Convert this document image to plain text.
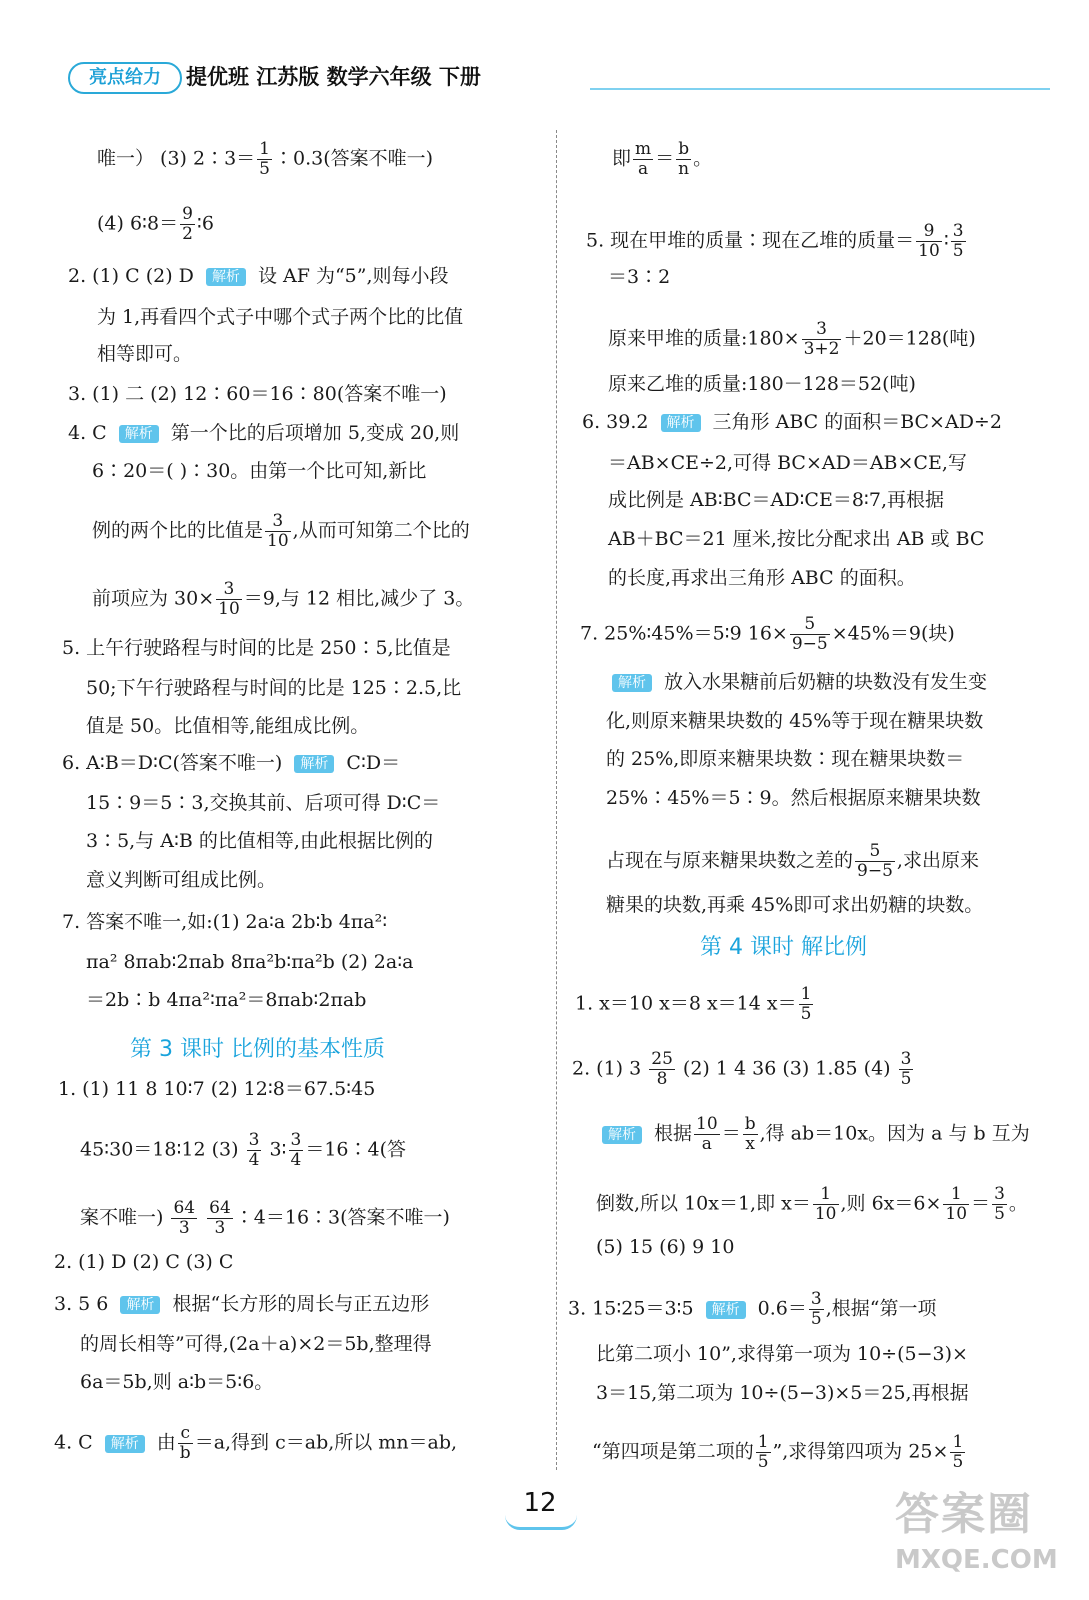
亮点给力	提优班 江苏版 数学六年级 下册
唯一） (3) 2∶3＝ $\frac{1}{5}$ ∶0.3(答案不唯一)
(4) 6∶8＝ $\frac{9}{2}$ ∶6
2. (1) C (2) D 解析 设 AF 为“5”,则每小段
为 1,再看四个式子中哪个式子两个比的比值
相等即可。
3. (1) 二 (2) 12∶60＝16∶80(答案不唯一)
4. C 解析 第一个比的后项增加 5,变成 20,则
6∶20＝( )∶30。由第一个比可知,新比
例的两个比的比值是 $\frac{3}{10}$ ,从而可知第二个比的
前项应为 $30\times \frac{3}{10} =9$,与 12 相比,减少了 3。
5. 上午行驶路程与时间的比是 250∶5,比值是
50;下午行驶路程与时间的比是 125∶2.5,比
值是 50。比值相等,能组成比例。
6. A∶B＝D∶C(答案不唯一) 解析 C∶D＝
15∶9＝5∶3,交换其前、后项可得 D∶C＝
3∶5,与 A∶B 的比值相等,由此根据比例的
意义判断可组成比例。
7. 答案不唯一,如:(1) 2a∶a 2b∶b 4πa²∶
πa² 8πab∶2πab 8πa²b∶πa²b (2) 2a∶a
＝2b∶b 4πa²∶πa²＝8πab∶2πab
第 3 课时 比例的基本性质
1. (1) 11 8 10∶7 (2) 12∶8＝67.5∶45
45∶30＝18∶12 $(3) \frac{3}{4}$ 3∶ $\frac{3}{4}$ ＝16∶4(答
案不唯一) $\frac{64}{3}$
$\frac{64}{3}$ ∶4＝16∶3(答案不唯一)
2. (1) D (2) C (3) C
3. 5 6 解析 根据“长方形的周长与正五边形
的周长相等”可得,(2a＋a)×2＝5b,整理得
6a＝5b,则 a∶b＝5∶6。
4. C 解析 由 $\frac{c}{b} =a$,得到 c＝ab,所以 mn＝ab,
即 $\frac{m}{a} = \frac{b}{n}$ 。
5. 现在甲堆的质量∶现在乙堆的质量＝ $\frac{9}{10}$ ∶ $\frac{3}{5}$
＝3∶2
原来甲堆的质量:180× $\frac{3}{3+2} +20=128$(吨)
原来乙堆的质量:180－128＝52(吨)
6. 39.2 解析 三角形 ABC 的面积＝BC×AD÷2
＝AB×CE÷2,可得 BC×AD＝AB×CE,写
成比例是 AB∶BC＝AD∶CE＝8∶7,再根据
AB＋BC＝21 厘米,按比分配求出 AB 或 BC
的长度,再求出三角形 ABC 的面积。
7. 25%∶45%＝5∶9 $16\times \frac{5}{9-5} \times 45\%=9$(块)
解析 放入水果糖前后奶糖的块数没有发生变
化,则原来糖果块数的 45%等于现在糖果块数
的 25%,即原来糖果块数∶现在糖果块数＝
25%∶45%＝5∶9。然后根据原来糖果块数
占现在与原来糖果块数之差的 $\frac{5}{9-5}$ ,求出原来
糖果的块数,再乘 45%即可求出奶糖的块数。
第 4 课时 解比例
1. x＝10 x＝8 x＝14 $x= \frac{1}{5}$
2. (1) $3 \frac{25}{8} (2)$ 1 4 36 (3) 1.85 $(4) \frac{3}{5}$
解析 根据 $\frac{10}{a} = \frac{b}{x}$ ,得 ab＝10x。因为 a 与 b 互为
倒数,所以 10x＝1,即 $x= \frac{1}{10}$ ,则 $6x=6\times \frac{1}{10} = \frac{3}{5}$ 。
(5) 15 (6) 9 10
3. 15∶25＝3∶5 解析 $0.6= \frac{3}{5}$ ,根据“第一项
比第二项小 10”,求得第一项为 10÷(5−3)×
3＝15,第二项为 10÷(5−3)×5＝25,再根据
“第四项是第二项的 $\frac{1}{5}$ ”,求得第四项为 $25\times \frac{1}{5}$
12	答案圈
MXQE.COM
